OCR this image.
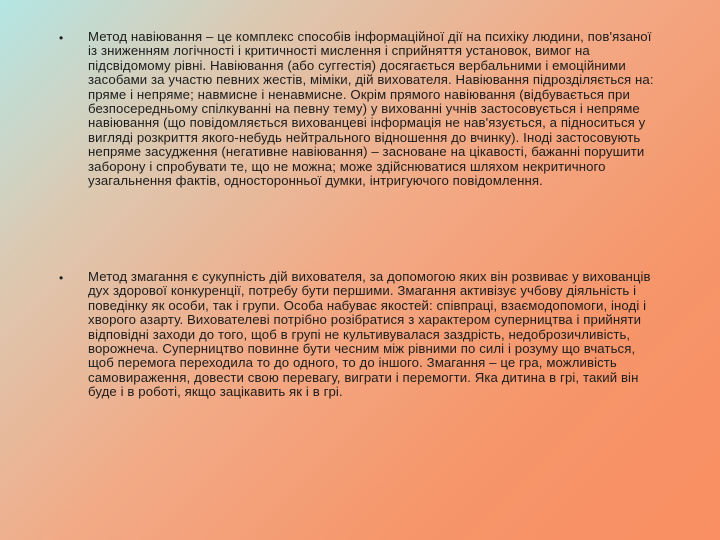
• Метод навіювання – це комплекс способів інформаційної дії на психіку людини, пов'язаної із зниженням логічності і критичності мислення і сприйняття установок, вимог на підсвідомому рівні. Навіювання (або суггестія) досягається вербальними і емоційними засобами за участю певних жестів, міміки, дій вихователя. Навіювання підрозділяється на: пряме і непряме; навмисне і ненавмисне. Окрім прямого навіювання (відбувається при безпосередньому спілкуванні на певну тему) у вихованні учнів застосовується і непряме навіювання (що повідомляється вихованцеві інформація не нав'язується, а підноситься у вигляді розкриття якого-небудь нейтрального відношення до вчинку). Іноді застосовують непряме засудження (негативне навіювання) – засноване на цікавості, бажанні порушити заборону і спробувати те, що не можна; може здійснюватися шляхом некритичного узагальнення фактів, односторонньої думки, інтригуючого повідомлення.

• Метод змагання є сукупність дій вихователя, за допомогою яких він розвиває у вихованців дух здорової конкуренції, потребу бути першими. Змагання активізує учбову діяльність і поведінку як особи, так і групи. Особа набуває якостей: співпраці, взаємодопомоги, іноді і хворого азарту. Вихователеві потрібно розібратися з характером суперництва і прийняти відповідні заходи до того, щоб в групі не культивувалася заздрість, недоброзичливість, ворожнеча. Суперництво повинне бути чесним між рівними по силі і розуму що вчаться, щоб перемога переходила то до одного, то до іншого. Змагання – це гра, можливість самовираження, довести свою перевагу, виграти і перемогти. Яка дитина в грі, такий він буде і в роботі, якщо зацікавить як і в грі.
